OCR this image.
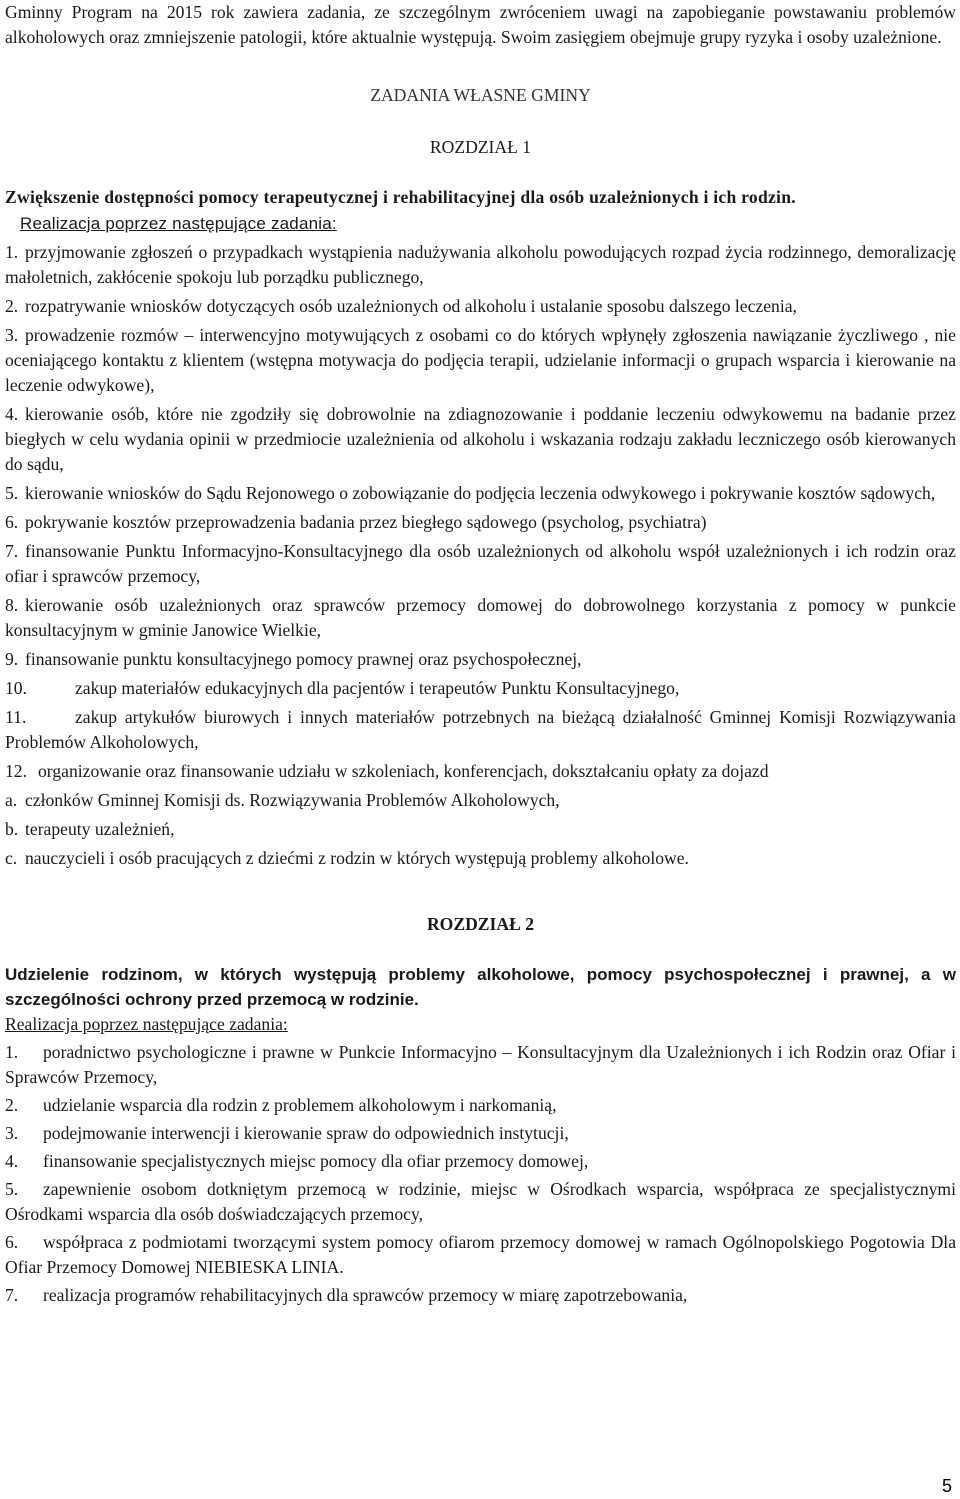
Gminny Program na 2015 rok zawiera zadania, ze szczególnym zwróceniem uwagi na zapobieganie powstawaniu problemów alkoholowych oraz zmniejszenie patologii, które aktualnie występują. Swoim zasięgiem obejmuje grupy ryzyka i osoby uzależnione.

ZADANIA WŁASNE GMINY

ROZDZIAŁ 1

Zwiększenie dostępności pomocy terapeutycznej i rehabilitacyjnej dla osób uzależnionych i ich rodzin.

Realizacja poprzez następujące zadania:

1. przyjmowanie zgłoszeń o przypadkach wystąpienia nadużywania alkoholu powodujących rozpad życia rodzinnego, demoralizację małoletnich, zakłócenie spokoju lub porządku publicznego,
2. rozpatrywanie wniosków dotyczących osób uzależnionych od alkoholu i ustalanie sposobu dalszego leczenia,
3. prowadzenie rozmów – interwencyjno motywujących z osobami co do których wpłynęły zgłoszenia nawiązanie życzliwego , nie oceniającego kontaktu z klientem (wstępna motywacja do podjęcia terapii, udzielanie informacji o grupach wsparcia i kierowanie na leczenie odwykowe),
4. kierowanie osób, które nie zgodziły się dobrowolnie na zdiagnozowanie i poddanie leczeniu odwykowemu na badanie przez biegłych w celu wydania opinii w przedmiocie uzależnienia od alkoholu i wskazania rodzaju zakładu leczniczego osób kierowanych do sądu,
5. kierowanie wniosków do Sądu Rejonowego o zobowiązanie do podjęcia leczenia odwykowego i pokrywanie kosztów sądowych,
6. pokrywanie kosztów przeprowadzenia badania przez biegłego sądowego (psycholog, psychiatra)
7. finansowanie Punktu Informacyjno-Konsultacyjnego dla osób uzależnionych od alkoholu współ uzależnionych i ich rodzin oraz ofiar i sprawców przemocy,
8. kierowanie osób uzależnionych oraz sprawców przemocy domowej do dobrowolnego korzystania z pomocy w punkcie konsultacyjnym w gminie Janowice Wielkie,
9. finansowanie punktu konsultacyjnego pomocy prawnej oraz psychospołecznej,
10.	zakup materiałów edukacyjnych dla pacjentów i terapeutów Punktu Konsultacyjnego,
11.	zakup artykułów biurowych i innych materiałów potrzebnych na bieżącą działalność Gminnej Komisji Rozwiązywania Problemów Alkoholowych,
12. organizowanie oraz finansowanie udziału w szkoleniach, konferencjach, dokształcaniu opłaty za dojazd
a. członków Gminnej Komisji ds. Rozwiązywania Problemów Alkoholowych,
b. terapeuty uzależnień,
c. nauczycieli i osób pracujących z dziećmi z rodzin w których występują problemy alkoholowe.

ROZDZIAŁ 2

Udzielenie rodzinom, w których występują problemy alkoholowe, pomocy psychospołecznej i prawnej, a w szczególności ochrony przed przemocą w rodzinie.

Realizacja poprzez następujące zadania:

1. poradnictwo psychologiczne i prawne w Punkcie Informacyjno – Konsultacyjnym dla Uzależnionych i ich Rodzin oraz Ofiar i Sprawców Przemocy,
2. udzielanie wsparcia dla rodzin z problemem alkoholowym i narkomanią,
3. podejmowanie interwencji i kierowanie spraw do odpowiednich instytucji,
4. finansowanie specjalistycznych miejsc pomocy dla ofiar przemocy domowej,
5. zapewnienie osobom dotkniętym przemocą w rodzinie, miejsc w Ośrodkach wsparcia, współpraca ze specjalistycznymi Ośrodkami wsparcia dla osób doświadczających przemocy,
6. współpraca z podmiotami tworzącymi system pomocy ofiarom przemocy domowej w ramach Ogólnopolskiego Pogotowia Dla Ofiar Przemocy Domowej NIEBIESKA LINIA.
7. realizacja programów rehabilitacyjnych dla sprawców przemocy w miarę zapotrzebowania,
5
